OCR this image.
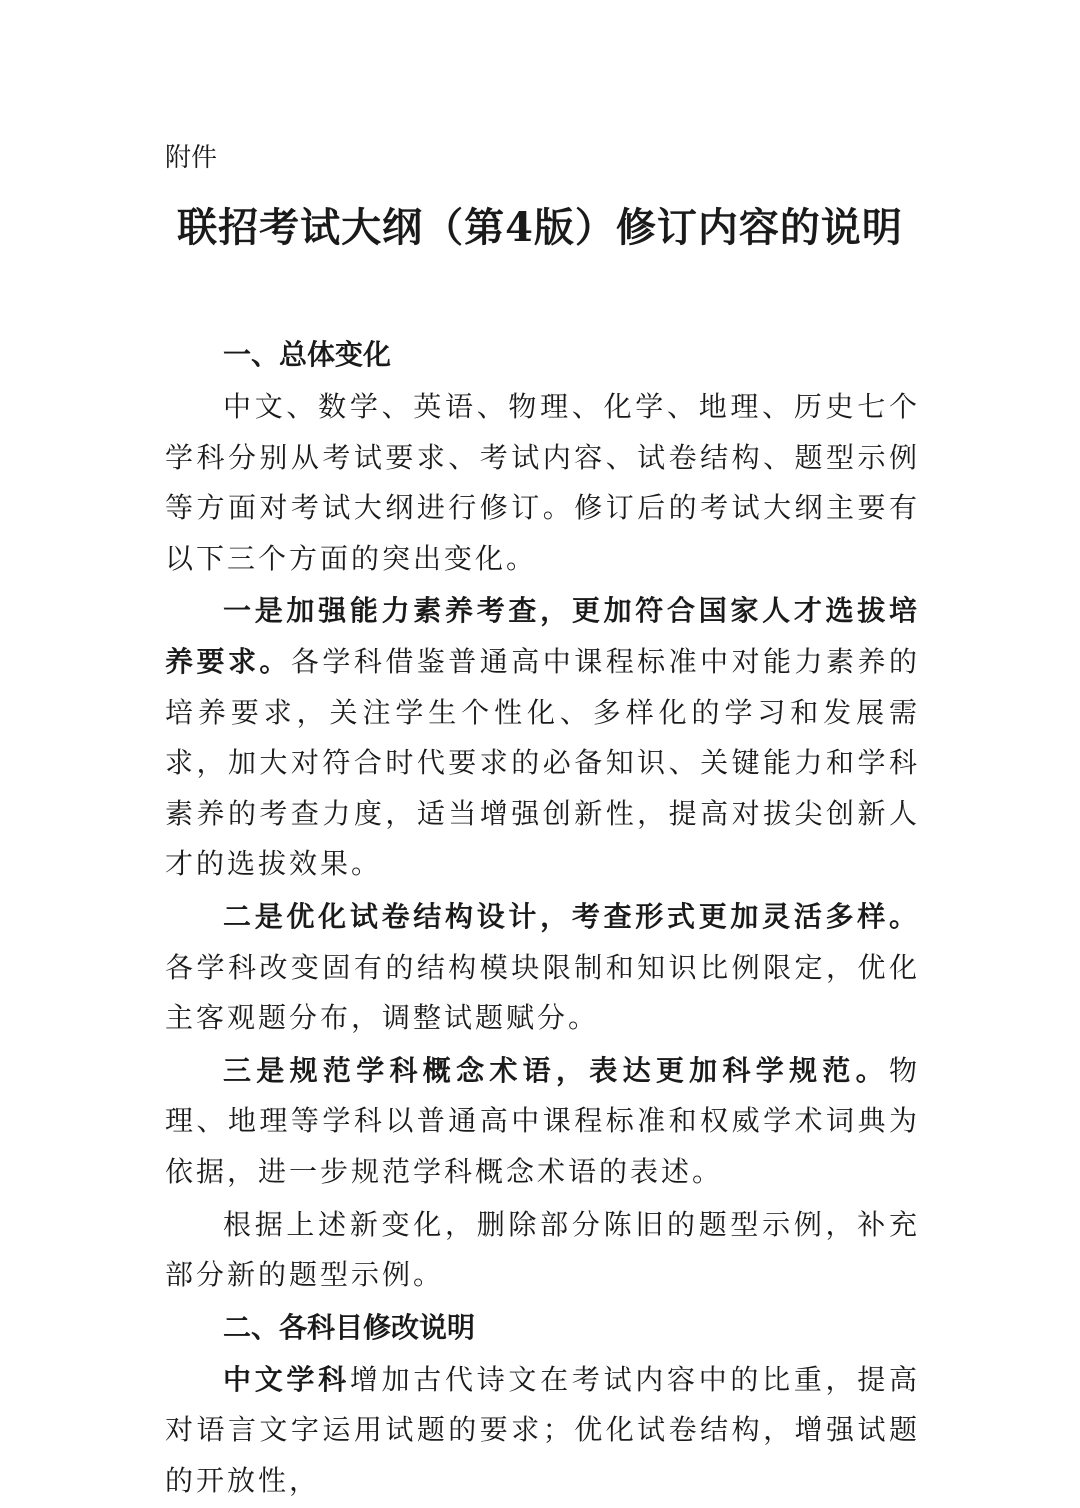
附件

联招考试大纲（第4版）修订内容的说明
一、总体变化

中文、数学、英语、物理、化学、地理、历史七个学科分别从考试要求、考试内容、试卷结构、题型示例等方面对考试大纲进行修订。修订后的考试大纲主要有以下三个方面的突出变化。

一是加强能力素养考查，更加符合国家人才选拔培养要求。各学科借鉴普通高中课程标准中对能力素养的培养要求，关注学生个性化、多样化的学习和发展需求，加大对符合时代要求的必备知识、关键能力和学科素养的考查力度，适当增强创新性，提高对拔尖创新人才的选拔效果。

二是优化试卷结构设计，考查形式更加灵活多样。各学科改变固有的结构模块限制和知识比例限定，优化主客观题分布，调整试题赋分。

三是规范学科概念术语，表达更加科学规范。物理、地理等学科以普通高中课程标准和权威学术词典为依据，进一步规范学科概念术语的表述。

根据上述新变化，删除部分陈旧的题型示例，补充部分新的题型示例。

二、各科目修改说明

中文学科增加古代诗文在考试内容中的比重，提高对语言文字运用试题的要求；优化试卷结构，增强试题的开放性，
